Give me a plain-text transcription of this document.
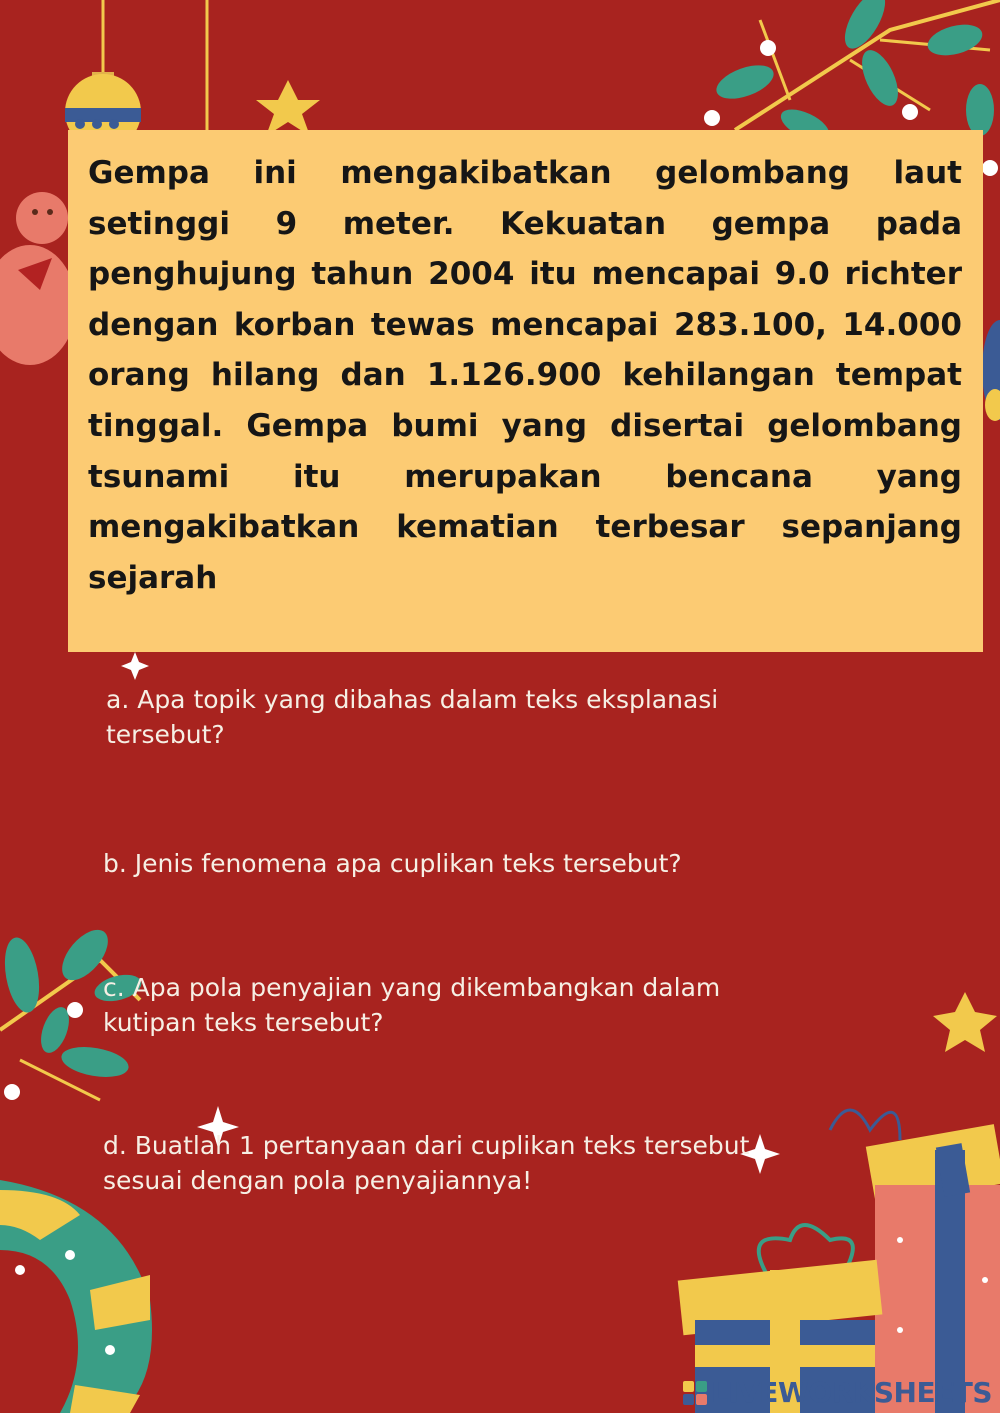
Gempa ini mengakibatkan gelombang laut setinggi 9 meter. Kekuatan gempa pada penghujung tahun 2004 itu mencapai 9.0 richter dengan korban tewas mencapai 283.100, 14.000 orang hilang dan 1.126.900 kehilangan tempat tinggal. Gempa bumi yang disertai gelombang tsunami itu merupakan bencana yang mengakibatkan kematian terbesar sepanjang sejarah

a. Apa topik yang dibahas dalam teks eksplanasi
tersebut?

b. Jenis fenomena apa cuplikan teks tersebut?

c. Apa pola penyajian yang dikembangkan dalam
kutipan teks tersebut?

d. Buatlah 1 pertanyaan dari cuplikan teks tersebut
sesuai dengan pola penyajiannya!

LIVEWORKSHEETS
